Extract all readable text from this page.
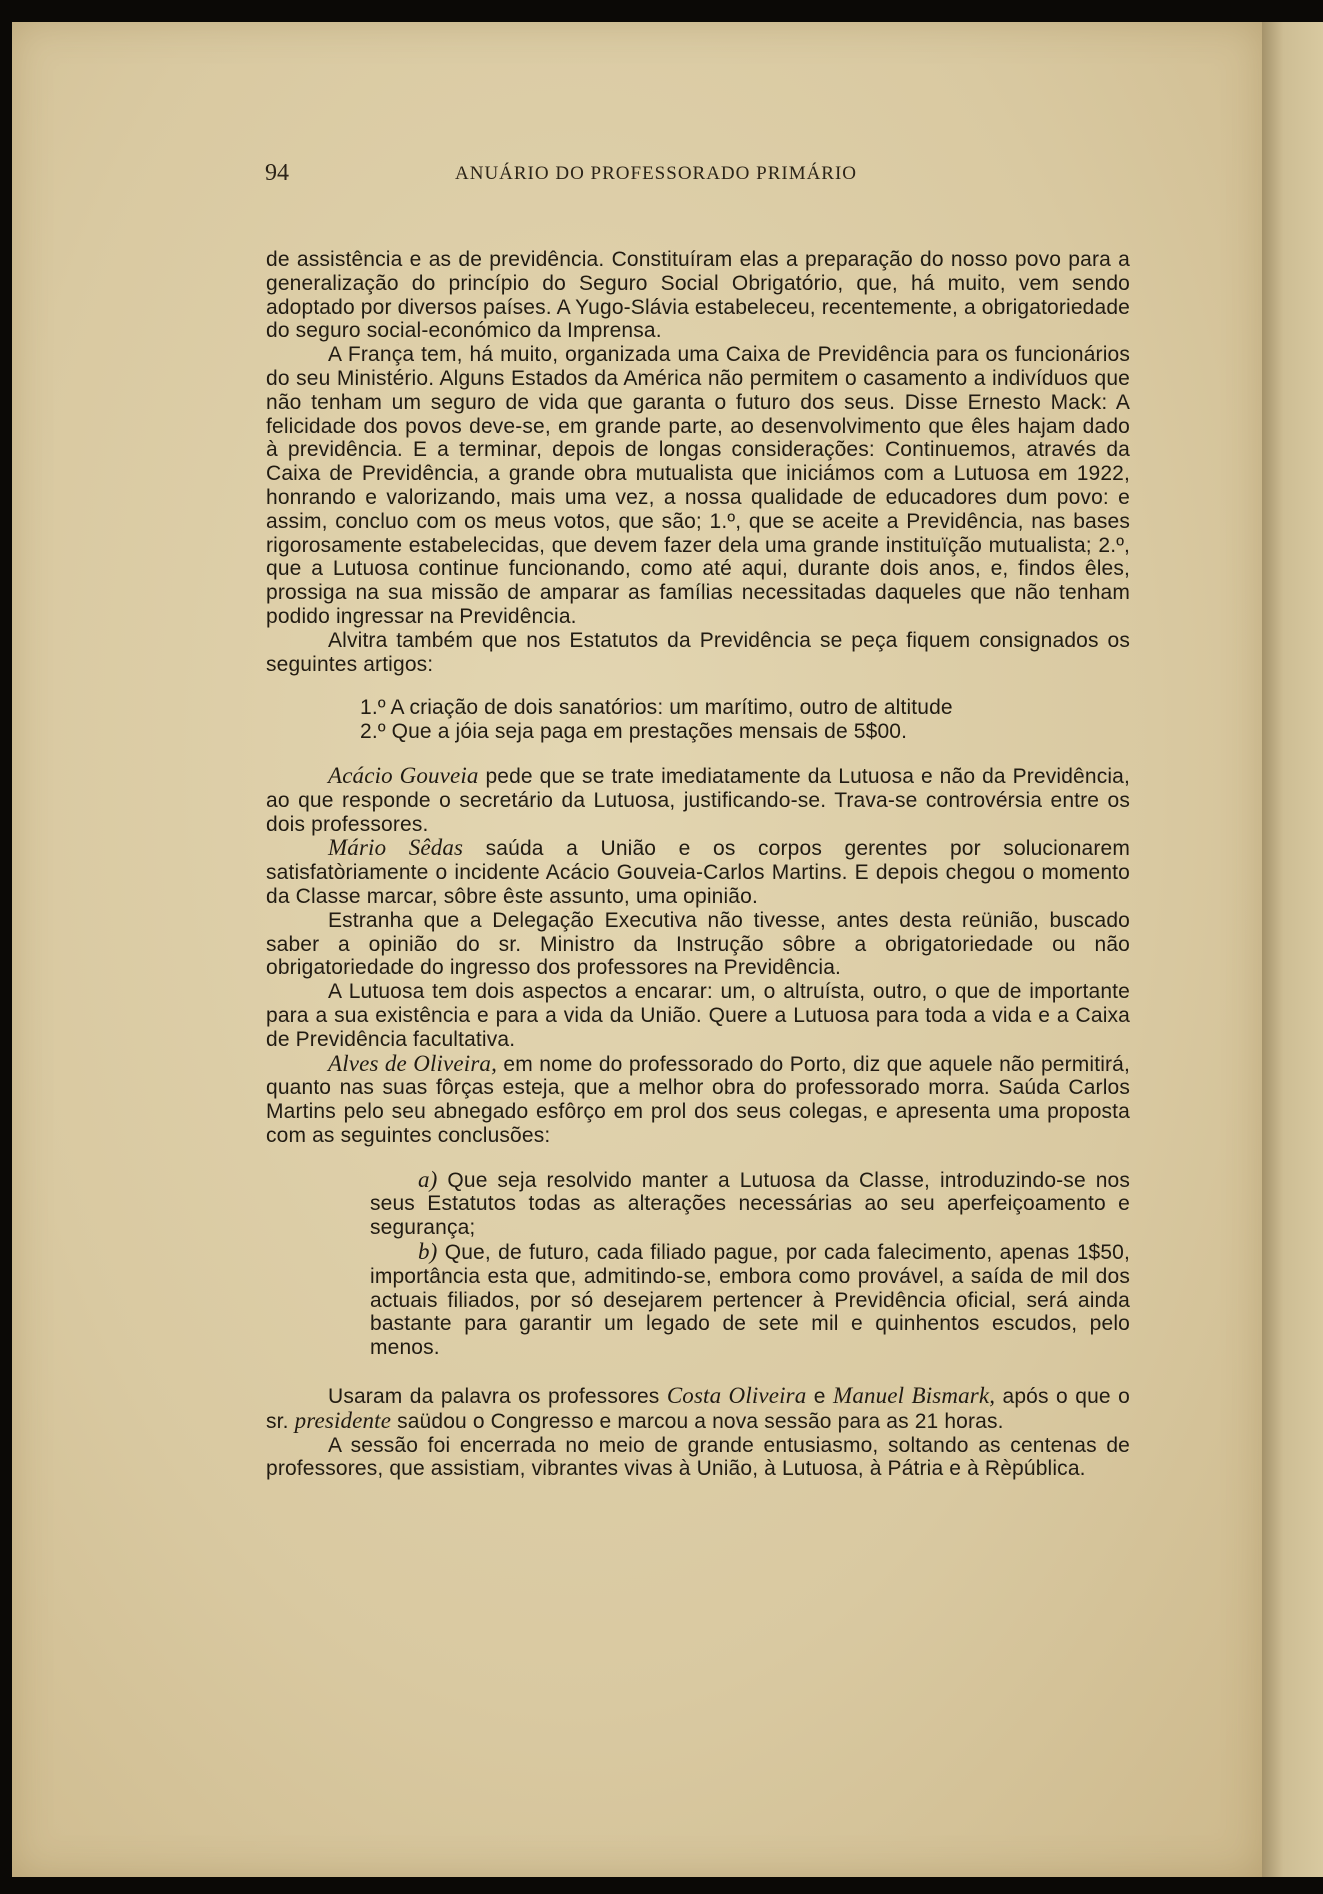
94	ANUÁRIO DO PROFESSORADO PRIMÁRIO

de assistência e as de previdência. Constituíram elas a preparação do nosso povo para a generalização do princípio do Seguro Social Obrigatório, que, há muito, vem sendo adoptado por diversos países. A Yugo-Slávia estabeleceu, recentemente, a obrigatoriedade do seguro social-económico da Imprensa.

A França tem, há muito, organizada uma Caixa de Previdência para os funcionários do seu Ministério. Alguns Estados da América não permitem o casamento a indivíduos que não tenham um seguro de vida que garanta o futuro dos seus. Disse Ernesto Mack: A felicidade dos povos deve-se, em grande parte, ao desenvolvimento que êles hajam dado à previdência. E a terminar, depois de longas considerações: Continuemos, através da Caixa de Previdência, a grande obra mutualista que iniciámos com a Lutuosa em 1922, honrando e valorizando, mais uma vez, a nossa qualidade de educadores dum povo: e assim, concluo com os meus votos, que são; 1.º, que se aceite a Previdência, nas bases rigorosamente estabelecidas, que devem fazer dela uma grande instituïção mutualista; 2.º, que a Lutuosa continue funcionando, como até aqui, durante dois anos, e, findos êles, prossiga na sua missão de amparar as famílias necessitadas daqueles que não tenham podido ingressar na Previdência.

Alvitra também que nos Estatutos da Previdência se peça fiquem consignados os seguintes artigos:

1.º A criação de dois sanatórios: um marítimo, outro de altitude
2.º Que a jóia seja paga em prestações mensais de 5$00.

Acácio Gouveia pede que se trate imediatamente da Lutuosa e não da Previdência, ao que responde o secretário da Lutuosa, justificando-se. Trava-se controvérsia entre os dois professores.

Mário Sêdas saúda a União e os corpos gerentes por solucionarem satisfatòriamente o incidente Acácio Gouveia-Carlos Martins. E depois chegou o momento da Classe marcar, sôbre êste assunto, uma opinião.

Estranha que a Delegação Executiva não tivesse, antes desta reünião, buscado saber a opinião do sr. Ministro da Instrução sôbre a obrigatoriedade ou não obrigatoriedade do ingresso dos professores na Previdência.

A Lutuosa tem dois aspectos a encarar: um, o altruísta, outro, o que de importante para a sua existência e para a vida da União. Quere a Lutuosa para toda a vida e a Caixa de Previdência facultativa.

Alves de Oliveira, em nome do professorado do Porto, diz que aquele não permitirá, quanto nas suas fôrças esteja, que a melhor obra do professorado morra. Saúda Carlos Martins pelo seu abnegado esfôrço em prol dos seus colegas, e apresenta uma proposta com as seguintes conclusões:

a) Que seja resolvido manter a Lutuosa da Classe, introduzindo-se nos seus Estatutos todas as alterações necessárias ao seu aperfeiçoamento e segurança;

b) Que, de futuro, cada filiado pague, por cada falecimento, apenas 1$50, importância esta que, admitindo-se, embora como provável, a saída de mil dos actuais filiados, por só desejarem pertencer à Previdência oficial, será ainda bastante para garantir um legado de sete mil e quinhentos escudos, pelo menos.

Usaram da palavra os professores Costa Oliveira e Manuel Bismark, após o que o sr. presidente saüdou o Congresso e marcou a nova sessão para as 21 horas.

A sessão foi encerrada no meio de grande entusiasmo, soltando as centenas de professores, que assistiam, vibrantes vivas à União, à Lutuosa, à Pátria e à Rèpública.
